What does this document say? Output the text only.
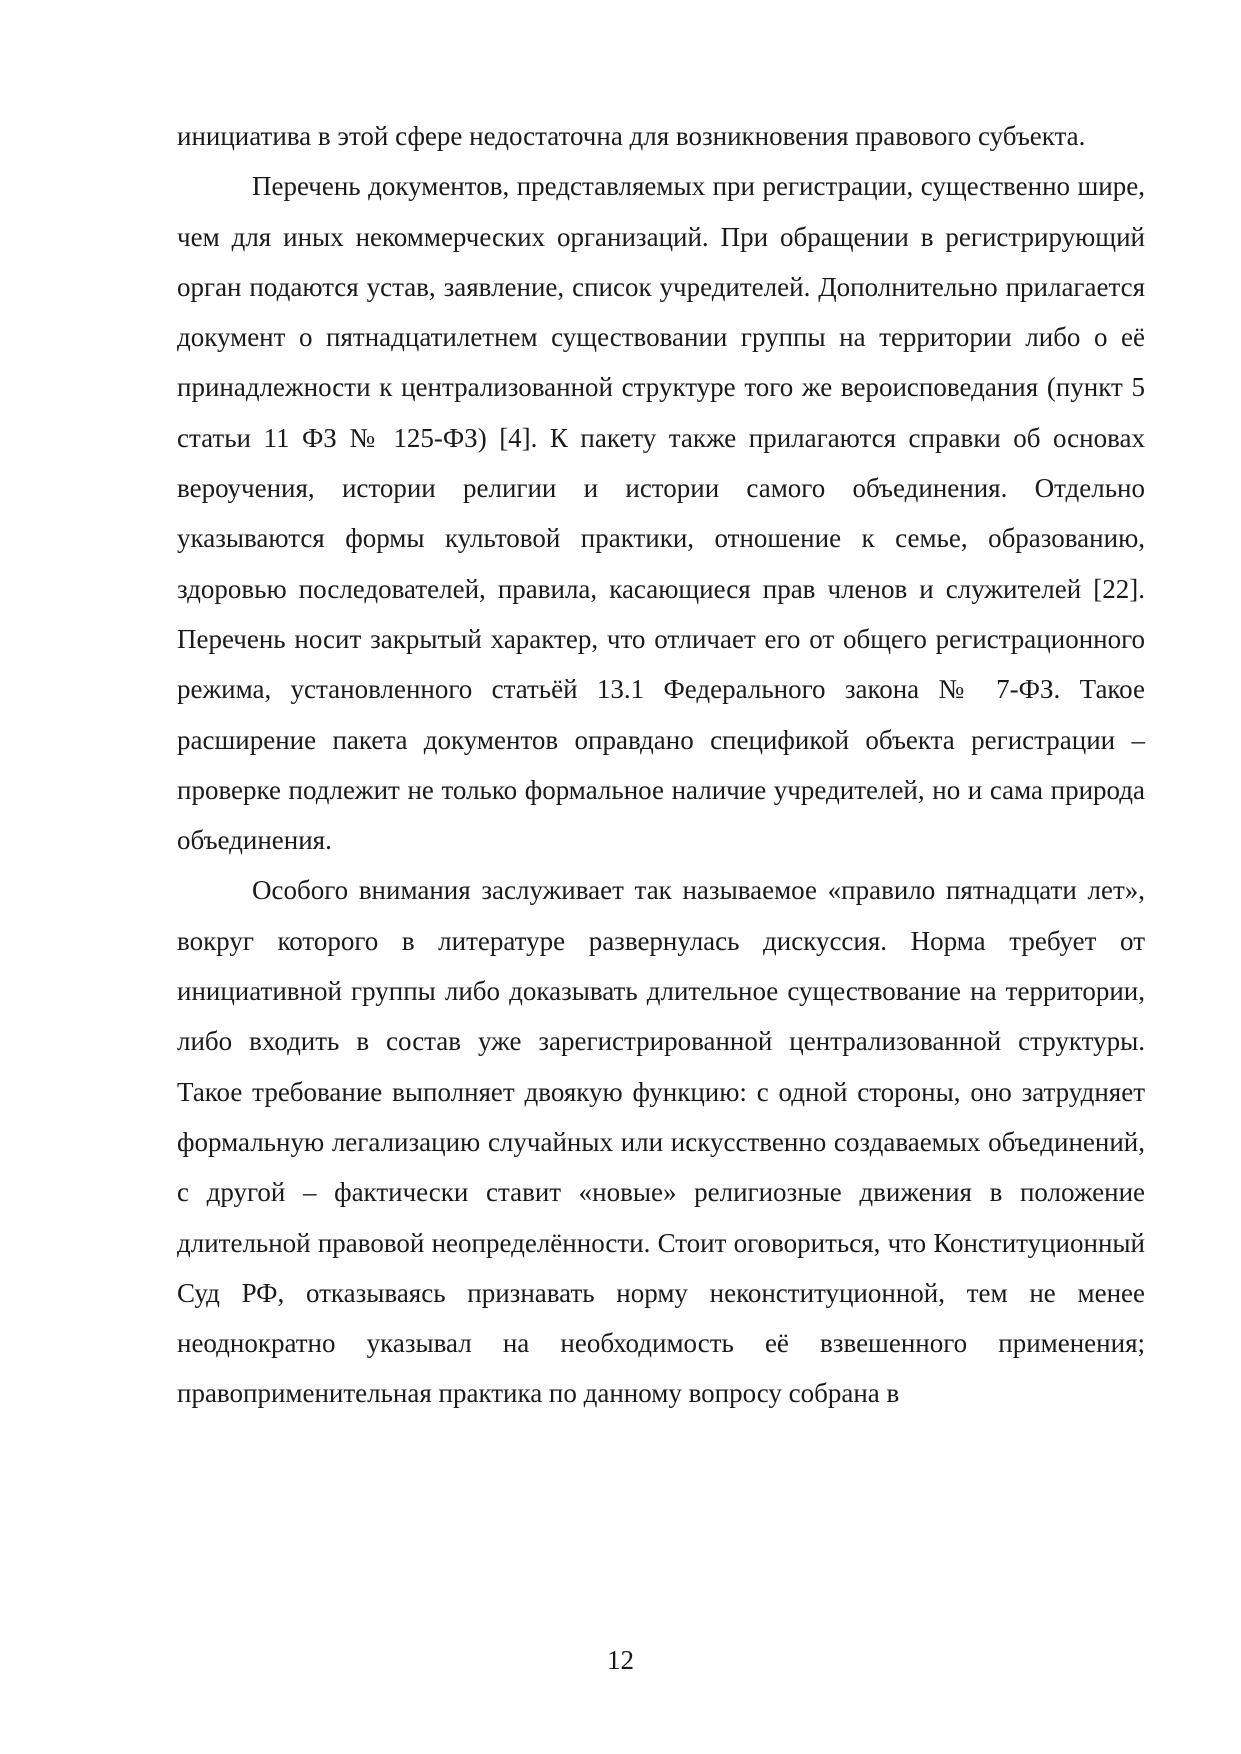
инициатива в этой сфере недостаточна для возникновения правового субъекта.

Перечень документов, представляемых при регистрации, существенно шире, чем для иных некоммерческих организаций. При обращении в регистрирующий орган подаются устав, заявление, список учредителей. Дополнительно прилагается документ о пятнадцатилетнем существовании группы на территории либо о её принадлежности к централизованной структуре того же вероисповедания (пункт 5 статьи 11 ФЗ № 125-ФЗ) [4]. К пакету также прилагаются справки об основах вероучения, истории религии и истории самого объединения. Отдельно указываются формы культовой практики, отношение к семье, образованию, здоровью последователей, правила, касающиеся прав членов и служителей [22]. Перечень носит закрытый характер, что отличает его от общего регистрационного режима, установленного статьёй 13.1 Федерального закона № 7-ФЗ. Такое расширение пакета документов оправдано спецификой объекта регистрации – проверке подлежит не только формальное наличие учредителей, но и сама природа объединения.

Особого внимания заслуживает так называемое «правило пятнадцати лет», вокруг которого в литературе развернулась дискуссия. Норма требует от инициативной группы либо доказывать длительное существование на территории, либо входить в состав уже зарегистрированной централизованной структуры. Такое требование выполняет двоякую функцию: с одной стороны, оно затрудняет формальную легализацию случайных или искусственно создаваемых объединений, с другой – фактически ставит «новые» религиозные движения в положение длительной правовой неопределённости. Стоит оговориться, что Конституционный Суд РФ, отказываясь признавать норму неконституционной, тем не менее неоднократно указывал на необходимость её взвешенного применения; правоприменительная практика по данному вопросу собрана в

12
